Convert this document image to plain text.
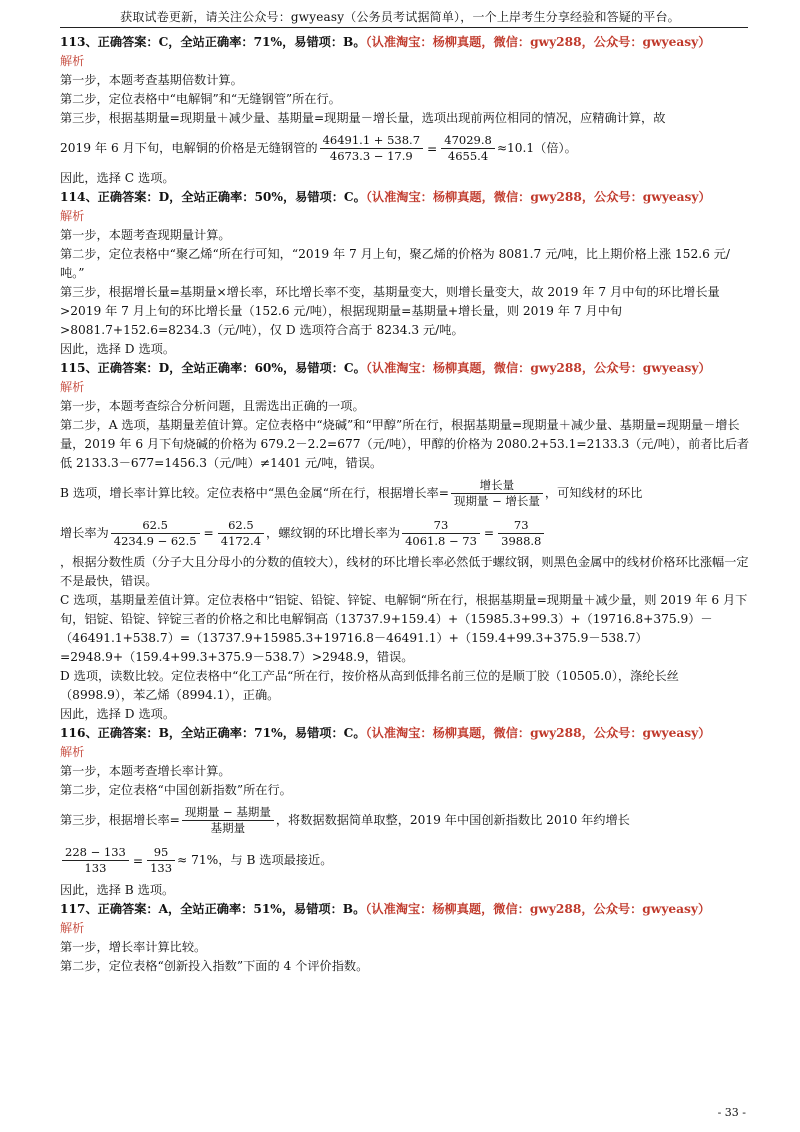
获取试卷更新，请关注公众号：gwyeasy（公务员考试据简单），一个上岸考生分享经验和答疑的平台。

113、正确答案：C，全站正确率：71%，易错项：B。（认准淘宝：杨柳真题，微信：gwy288，公众号：gwyeasy）

解析

第一步，本题考查基期倍数计算。

第二步，定位表格中“电解铜”和“无缝钢管”所在行。

第三步，根据基期量=现期量＋减少量、基期量=现期量－增长量，选项出现前两位相同的情况，应精确计算，故

2019 年 6 月下旬，电解铜的价格是无缝钢管的 $\frac{46491.1 + 538.7}{4673.3 - 17.9} = \frac{47029.8}{4655.4} \approx 10.1$（倍）。

因此，选择 C 选项。

114、正确答案：D，全站正确率：50%，易错项：C。（认准淘宝：杨柳真题，微信：gwy288，公众号：gwyeasy）

解析

第一步，本题考查现期量计算。

第二步，定位表格中“聚乙烯“所在行可知，“2019 年 7 月上旬，聚乙烯的价格为 8081.7 元/吨，比上期价格上涨 152.6 元/吨。”

第三步，根据增长量=基期量×增长率，环比增长率不变，基期量变大，则增长量变大，故 2019 年 7 月中旬的环比增长量>2019 年 7 月上旬的环比增长量（152.6 元/吨），根据现期量=基期量+增长量，则 2019 年 7 月中旬>8081.7+152.6=8234.3（元/吨），仅 D 选项符合高于 8234.3 元/吨。

因此，选择 D 选项。

115、正确答案：D，全站正确率：60%，易错项：C。（认准淘宝：杨柳真题，微信：gwy288，公众号：gwyeasy）

解析

第一步，本题考查综合分析问题，且需选出正确的一项。

第二步，A 选项，基期量差值计算。定位表格中“烧碱”和“甲醇”所在行，根据基期量=现期量＋减少量、基期量=现期量－增长量，2019 年 6 月下旬烧碱的价格为 679.2－2.2=677（元/吨），甲醇的价格为 2080.2+53.1=2133.3（元/吨），前者比后者低 2133.3－677=1456.3（元/吨）≠1401 元/吨，错误。

B 选项，增长率计算比较。定位表格中“黑色金属“所在行，根据增长率= $\frac{\text{增长量}}{\text{现期量 − 增长量}}$ ，可知线材的环比

增长率为 $\frac{62.5}{4234.9 - 62.5} = \frac{62.5}{4172.4}$ ，螺纹钢的环比增长率为 $\frac{73}{4061.8 - 73} = \frac{73}{3988.8}$

，根据分数性质（分子大且分母小的分数的值较大），线材的环比增长率必然低于螺纹钢，则黑色金属中的线材价格环比涨幅一定不是最快，错误。

C 选项，基期量差值计算。定位表格中“铝锭、铅锭、锌锭、电解铜“所在行，根据基期量=现期量＋减少量，则 2019 年 6 月下旬，铝锭、铅锭、锌锭三者的价格之和比电解铜高（13737.9+159.4）+（15985.3+99.3）+（19716.8+375.9）－（46491.1+538.7）=（13737.9+15985.3+19716.8－46491.1）+（159.4+99.3+375.9－538.7）=2948.9+（159.4+99.3+375.9－538.7）>2948.9，错误。

D 选项，读数比较。定位表格中“化工产品“所在行，按价格从高到低排名前三位的是顺丁胶（10505.0），涤纶长丝（8998.9），苯乙烯（8994.1），正确。

因此，选择 D 选项。

116、正确答案：B，全站正确率：71%，易错项：C。（认准淘宝：杨柳真题，微信：gwy288，公众号：gwyeasy）

解析

第一步，本题考查增长率计算。

第二步，定位表格“中国创新指数”所在行。

第三步，根据增长率= $\frac{\text{现期量 − 基期量}}{\text{基期量}}$ ，将数据数据简单取整，2019 年中国创新指数比 2010 年约增长

$\frac{228 - 133}{133} = \frac{95}{133} \approx 71\%$，与 B 选项最接近。

因此，选择 B 选项。

117、正确答案：A，全站正确率：51%，易错项：B。（认准淘宝：杨柳真题，微信：gwy288，公众号：gwyeasy）

解析

第一步，增长率计算比较。

第二步，定位表格“创新投入指数”下面的 4 个评价指数。

- 33 -
